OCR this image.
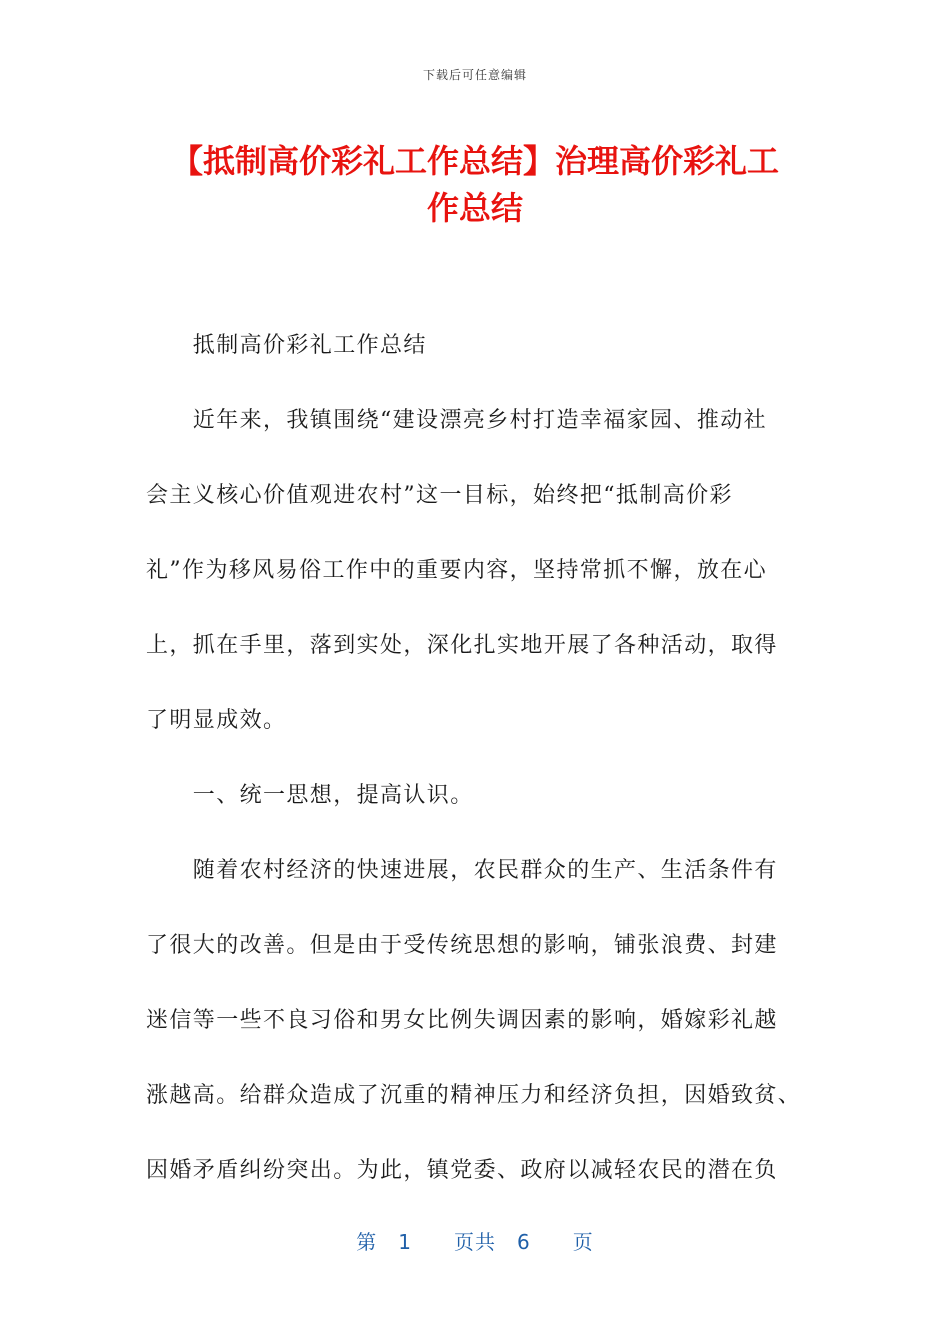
下载后可任意编辑
【抵制高价彩礼工作总结】治理高价彩礼工
作总结
　　抵制高价彩礼工作总结
　　近年来，我镇围绕“建设漂亮乡村打造幸福家园、推动社
会主义核心价值观进农村”这一目标，始终把“抵制高价彩
礼”作为移风易俗工作中的重要内容，坚持常抓不懈，放在心
上，抓在手里，落到实处，深化扎实地开展了各种活动，取得
了明显成效。
　　一、统一思想，提高认识。
　　随着农村经济的快速进展，农民群众的生产、生活条件有
了很大的改善。但是由于受传统思想的影响，铺张浪费、封建
迷信等一些不良习俗和男女比例失调因素的影响，婚嫁彩礼越
涨越高。给群众造成了沉重的精神压力和经济负担，因婚致贫、
因婚矛盾纠纷突出。为此，镇党委、政府以减轻农民的潜在负
第　1　　页共　6　　页
